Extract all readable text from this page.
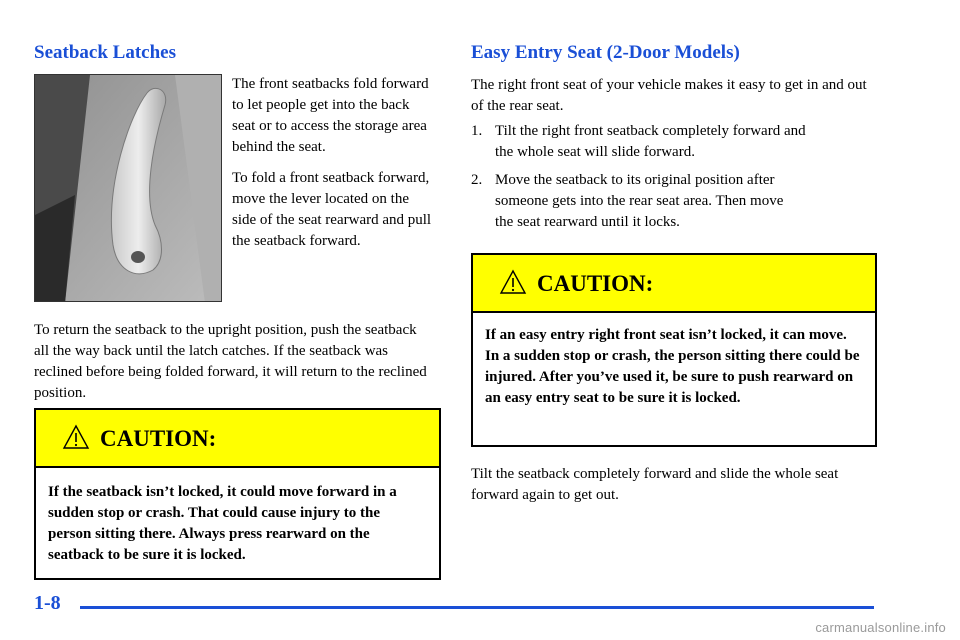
Seatback Latches

The front seatbacks fold forward to let people get into the back seat or to access the storage area behind the seat.

To fold a front seatback forward, move the lever located on the side of the seat rearward and pull the seatback forward.

To return the seatback to the upright position, push the seatback all the way back until the latch catches. If the seatback was reclined before being folded forward, it will return to the reclined position.

CAUTION:
If the seatback isn’t locked, it could move forward in a sudden stop or crash. That could cause injury to the person sitting there. Always press rearward on the seatback to be sure it is locked.
Easy Entry Seat (2-Door Models)

The right front seat of your vehicle makes it easy to get in and out of the rear seat.

1. Tilt the right front seatback completely forward and
the whole seat will slide forward.
2. Move the seatback to its original position after
someone gets into the rear seat area. Then move
the seat rearward until it locks.
CAUTION:
If an easy entry right front seat isn’t locked, it can move. In a sudden stop or crash, the person sitting there could be injured. After you’ve used it, be sure to push rearward on an easy entry seat to be sure it is locked.

Tilt the seatback completely forward and slide the whole seat forward again to get out.

1-8
carmanualsonline.info
